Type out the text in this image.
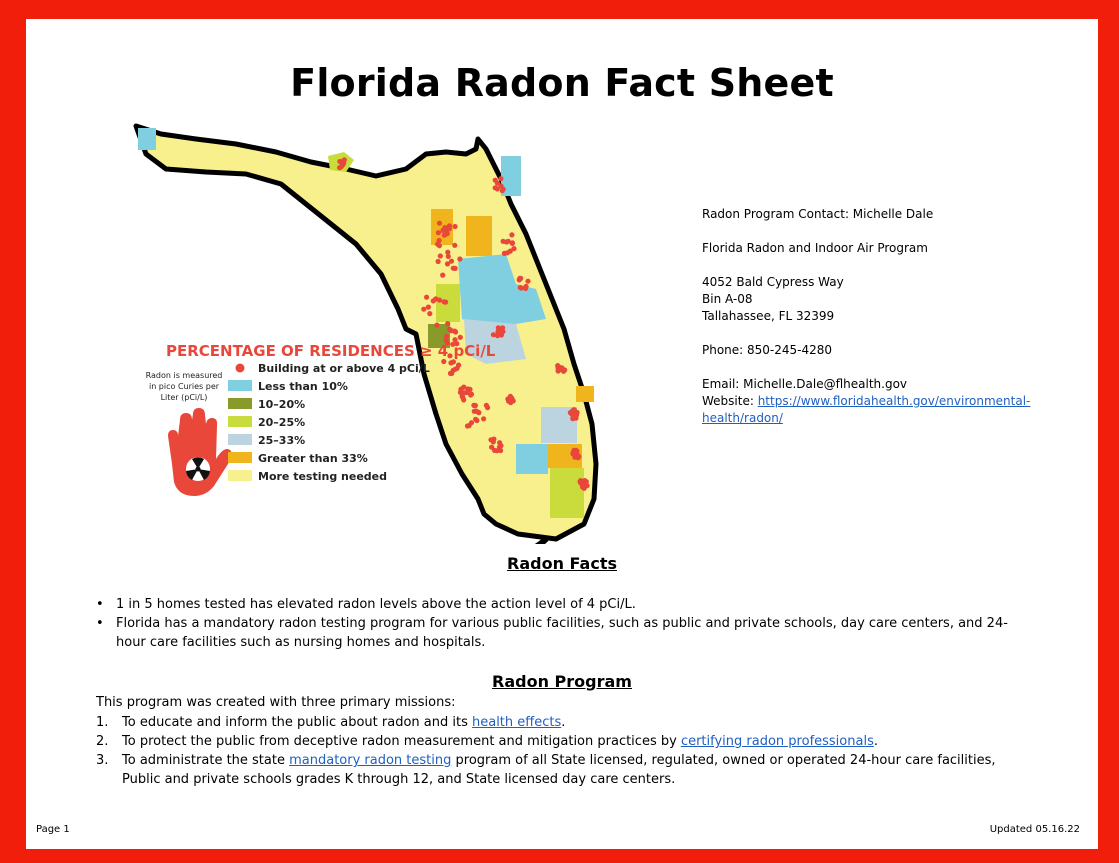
Florida Radon Fact Sheet
PERCENTAGE OF RESIDENCES ≥ 4 pCi/L
Radon is measured
in pico Curies per
Liter (pCi/L)
Building at or above 4 pCi/L
Less than 10%
10–20%
20–25%
25–33%
Greater than 33%
More testing needed

Radon Program Contact: Michelle Dale

Florida Radon and Indoor Air Program

4052 Bald Cypress Way
Bin A-08
Tallahassee, FL 32399

Phone: 850-245-4280

Email: Michelle.Dale@flhealth.gov
Website: https://www.floridahealth.gov/environmental-
health/radon/

Radon Facts
• 1 in 5 homes tested has elevated radon levels above the action level of 4 pCi/L.
• Florida has a mandatory radon testing program for various public facilities, such as public and private schools, day care centers, and 24-hour care facilities such as nursing homes and hospitals.
Radon Program
This program was created with three primary missions:
1. To educate and inform the public about radon and its health effects.
2. To protect the public from deceptive radon measurement and mitigation practices by certifying radon professionals.
3. To administrate the state mandatory radon testing program of all State licensed, regulated, owned or operated 24-hour care facilities, Public and private schools grades K through 12, and State licensed day care centers.
Page 1	Updated 05.16.22
